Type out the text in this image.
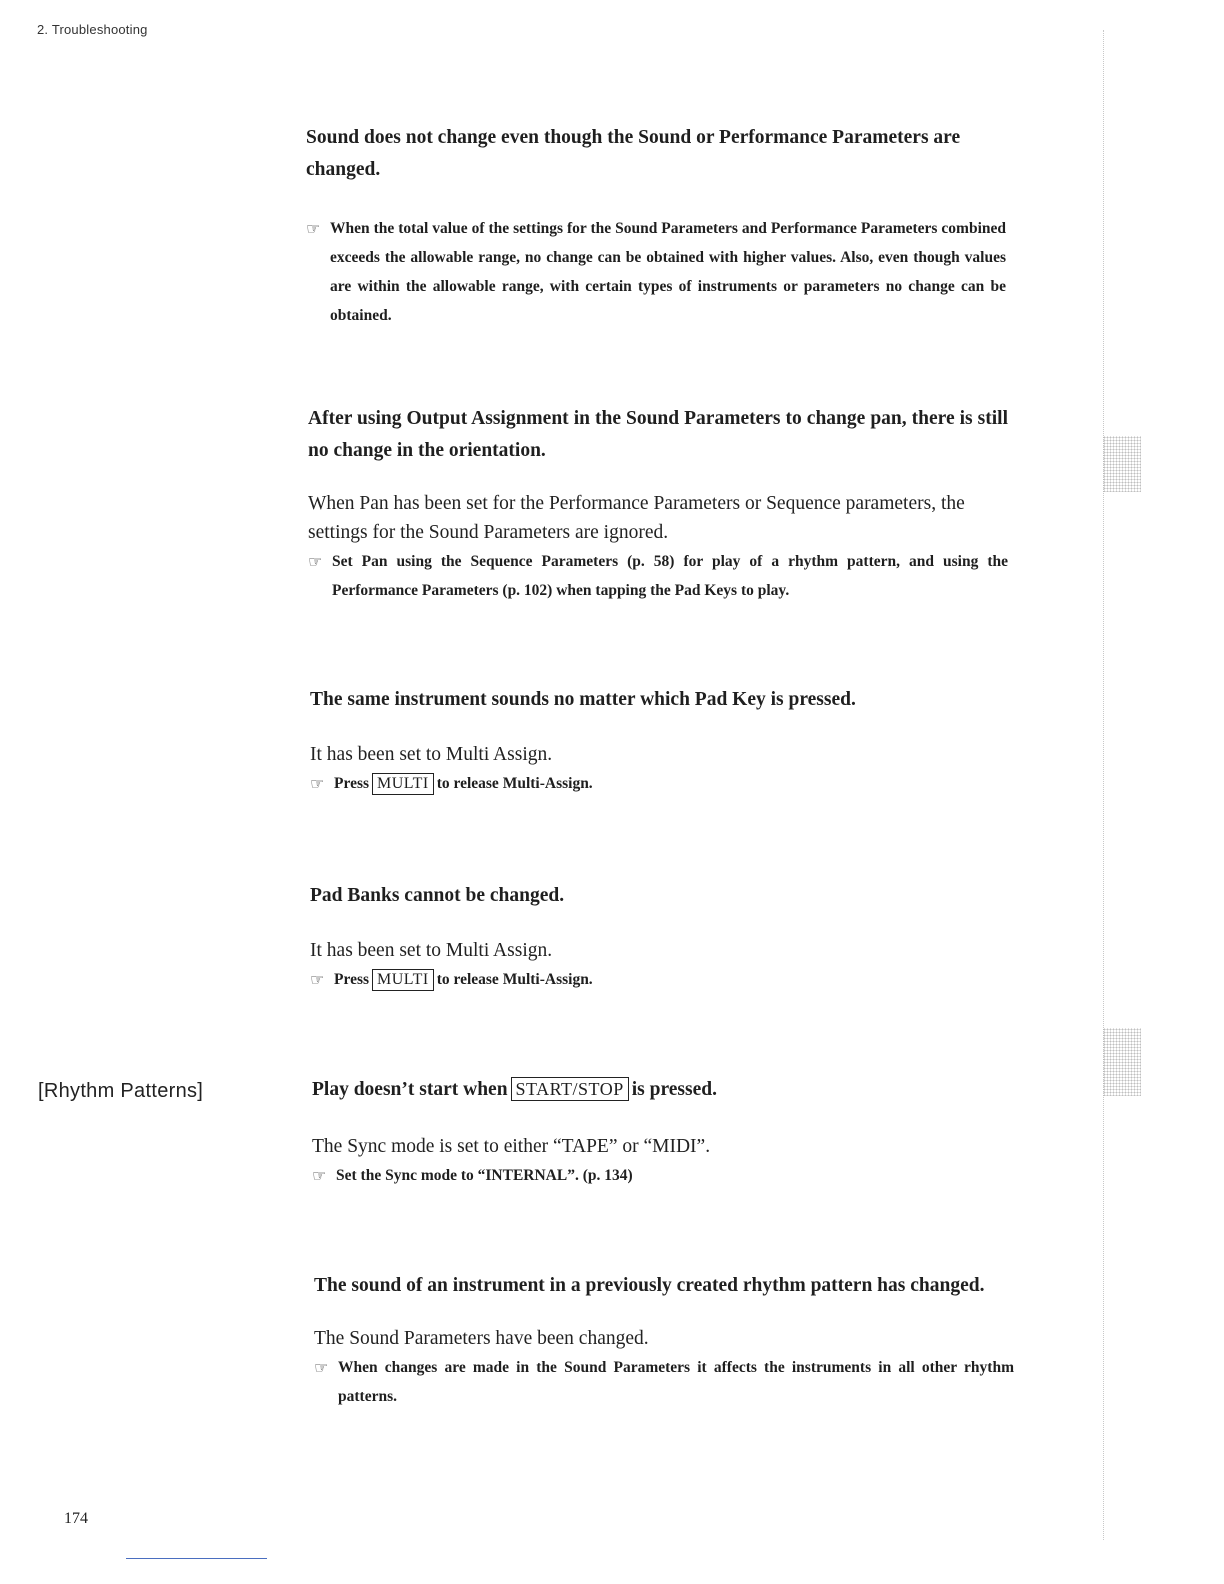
2. Troubleshooting

Sound does not change even though the Sound or Performance Parameters are changed.

☞ When the total value of the settings for the Sound Parameters and Performance Parameters combined exceeds the allowable range, no change can be obtained with higher values. Also, even though values are within the allowable range, with certain types of instruments or parameters no change can be obtained.

After using Output Assignment in the Sound Parameters to change pan, there is still no change in the orientation.

When Pan has been set for the Performance Parameters or Sequence parameters, the settings for the Sound Parameters are ignored.

☞ Set Pan using the Sequence Parameters (p. 58) for play of a rhythm pattern, and using the Performance Parameters (p. 102) when tapping the Pad Keys to play.

The same instrument sounds no matter which Pad Key is pressed.

It has been set to Multi Assign.

☞ Press MULTI to release Multi-Assign.

Pad Banks cannot be changed.

It has been set to Multi Assign.

☞ Press MULTI to release Multi-Assign.

[Rhythm Patterns]	Play doesn’t start when START/STOP is pressed.

The Sync mode is set to either “TAPE” or “MIDI”.

☞ Set the Sync mode to “INTERNAL”. (p. 134)

The sound of an instrument in a previously created rhythm pattern has changed.

The Sound Parameters have been changed.

☞ When changes are made in the Sound Parameters it affects the instruments in all other rhythm patterns.

174
